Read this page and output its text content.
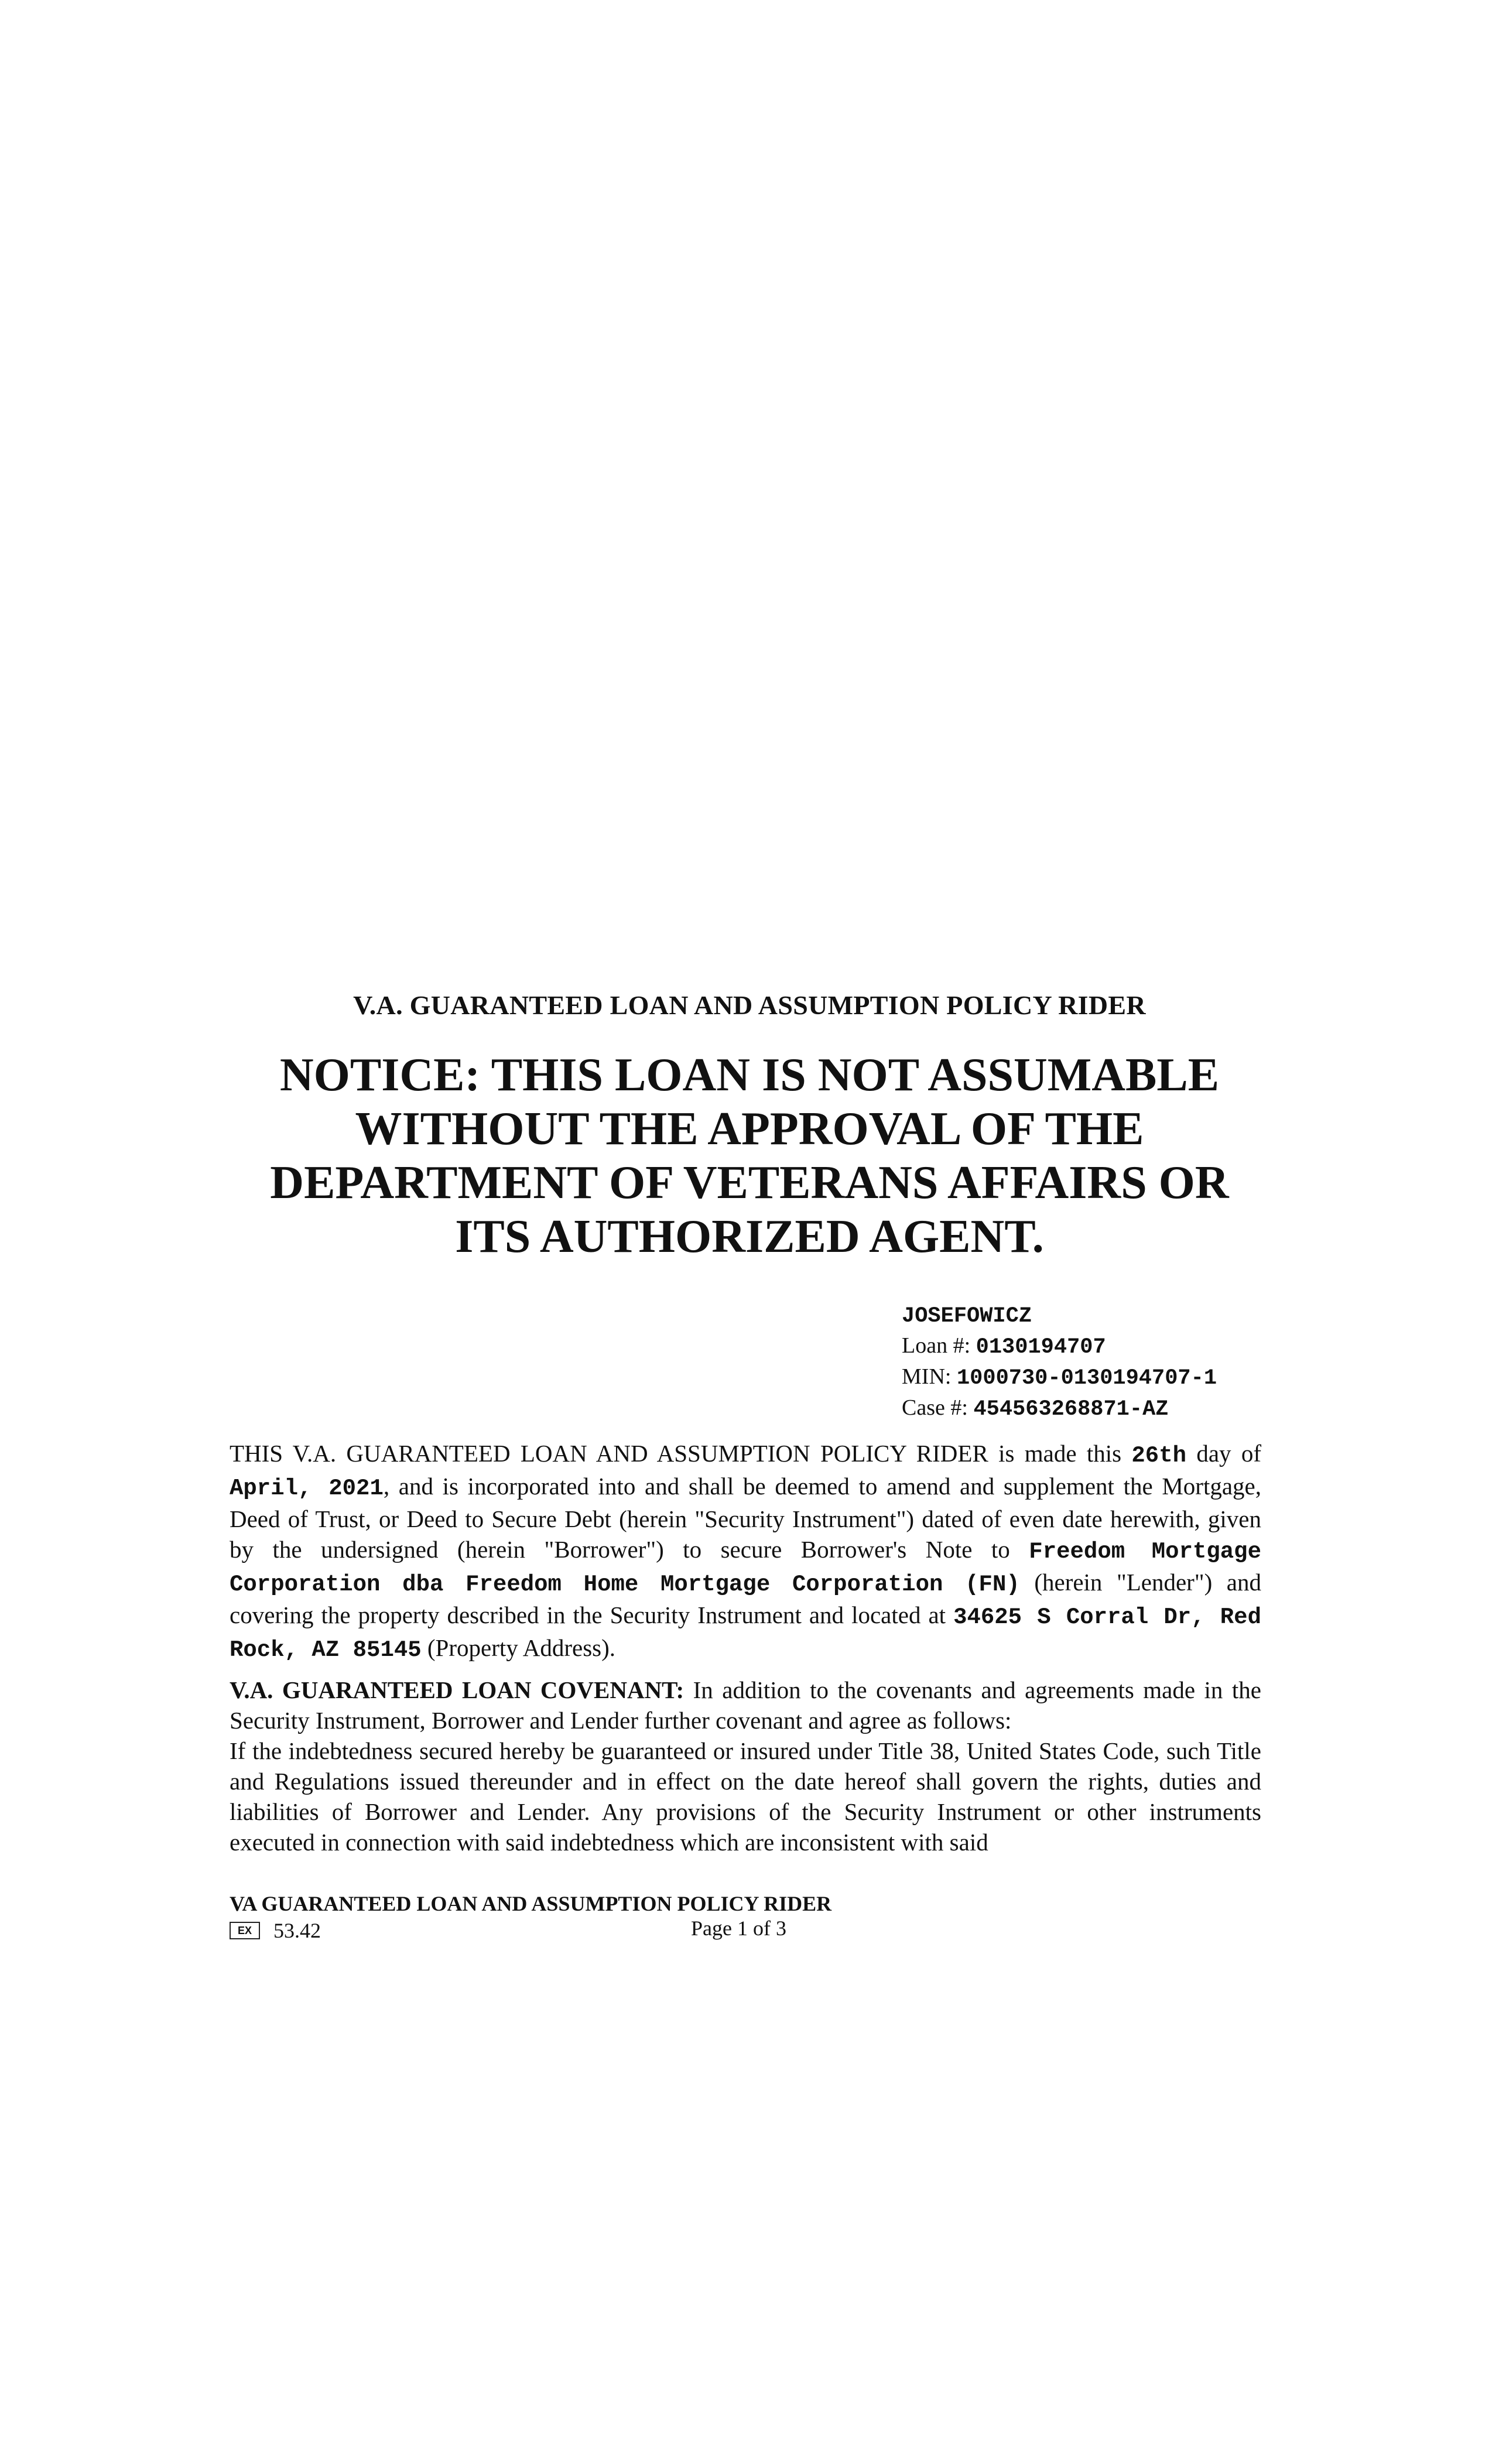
V.A. GUARANTEED LOAN AND ASSUMPTION POLICY RIDER
NOTICE: THIS LOAN IS NOT ASSUMABLE
WITHOUT THE APPROVAL OF THE
DEPARTMENT OF VETERANS AFFAIRS OR
ITS AUTHORIZED AGENT.
JOSEFOWICZ
Loan #: 0130194707
MIN: 1000730-0130194707-1
Case #: 454563268871-AZ

THIS V.A. GUARANTEED LOAN AND ASSUMPTION POLICY RIDER is made this 26th day of April, 2021, and is incorporated into and shall be deemed to amend and supplement the Mortgage, Deed of Trust, or Deed to Secure Debt (herein "Security Instrument") dated of even date herewith, given by the undersigned (herein "Borrower") to secure Borrower's Note to Freedom Mortgage Corporation dba Freedom Home Mortgage Corporation (FN) (herein "Lender") and covering the property described in the Security Instrument and located at 34625 S Corral Dr, Red Rock, AZ 85145 (Property Address).

V.A. GUARANTEED LOAN COVENANT: In addition to the covenants and agreements made in the Security Instrument, Borrower and Lender further covenant and agree as follows:
If the indebtedness secured hereby be guaranteed or insured under Title 38, United States Code, such Title and Regulations issued thereunder and in effect on the date hereof shall govern the rights, duties and liabilities of Borrower and Lender. Any provisions of the Security Instrument or other instruments executed in connection with said indebtedness which are inconsistent with said

VA GUARANTEED LOAN AND ASSUMPTION POLICY RIDER
EX 53.42	Page 1 of 3
